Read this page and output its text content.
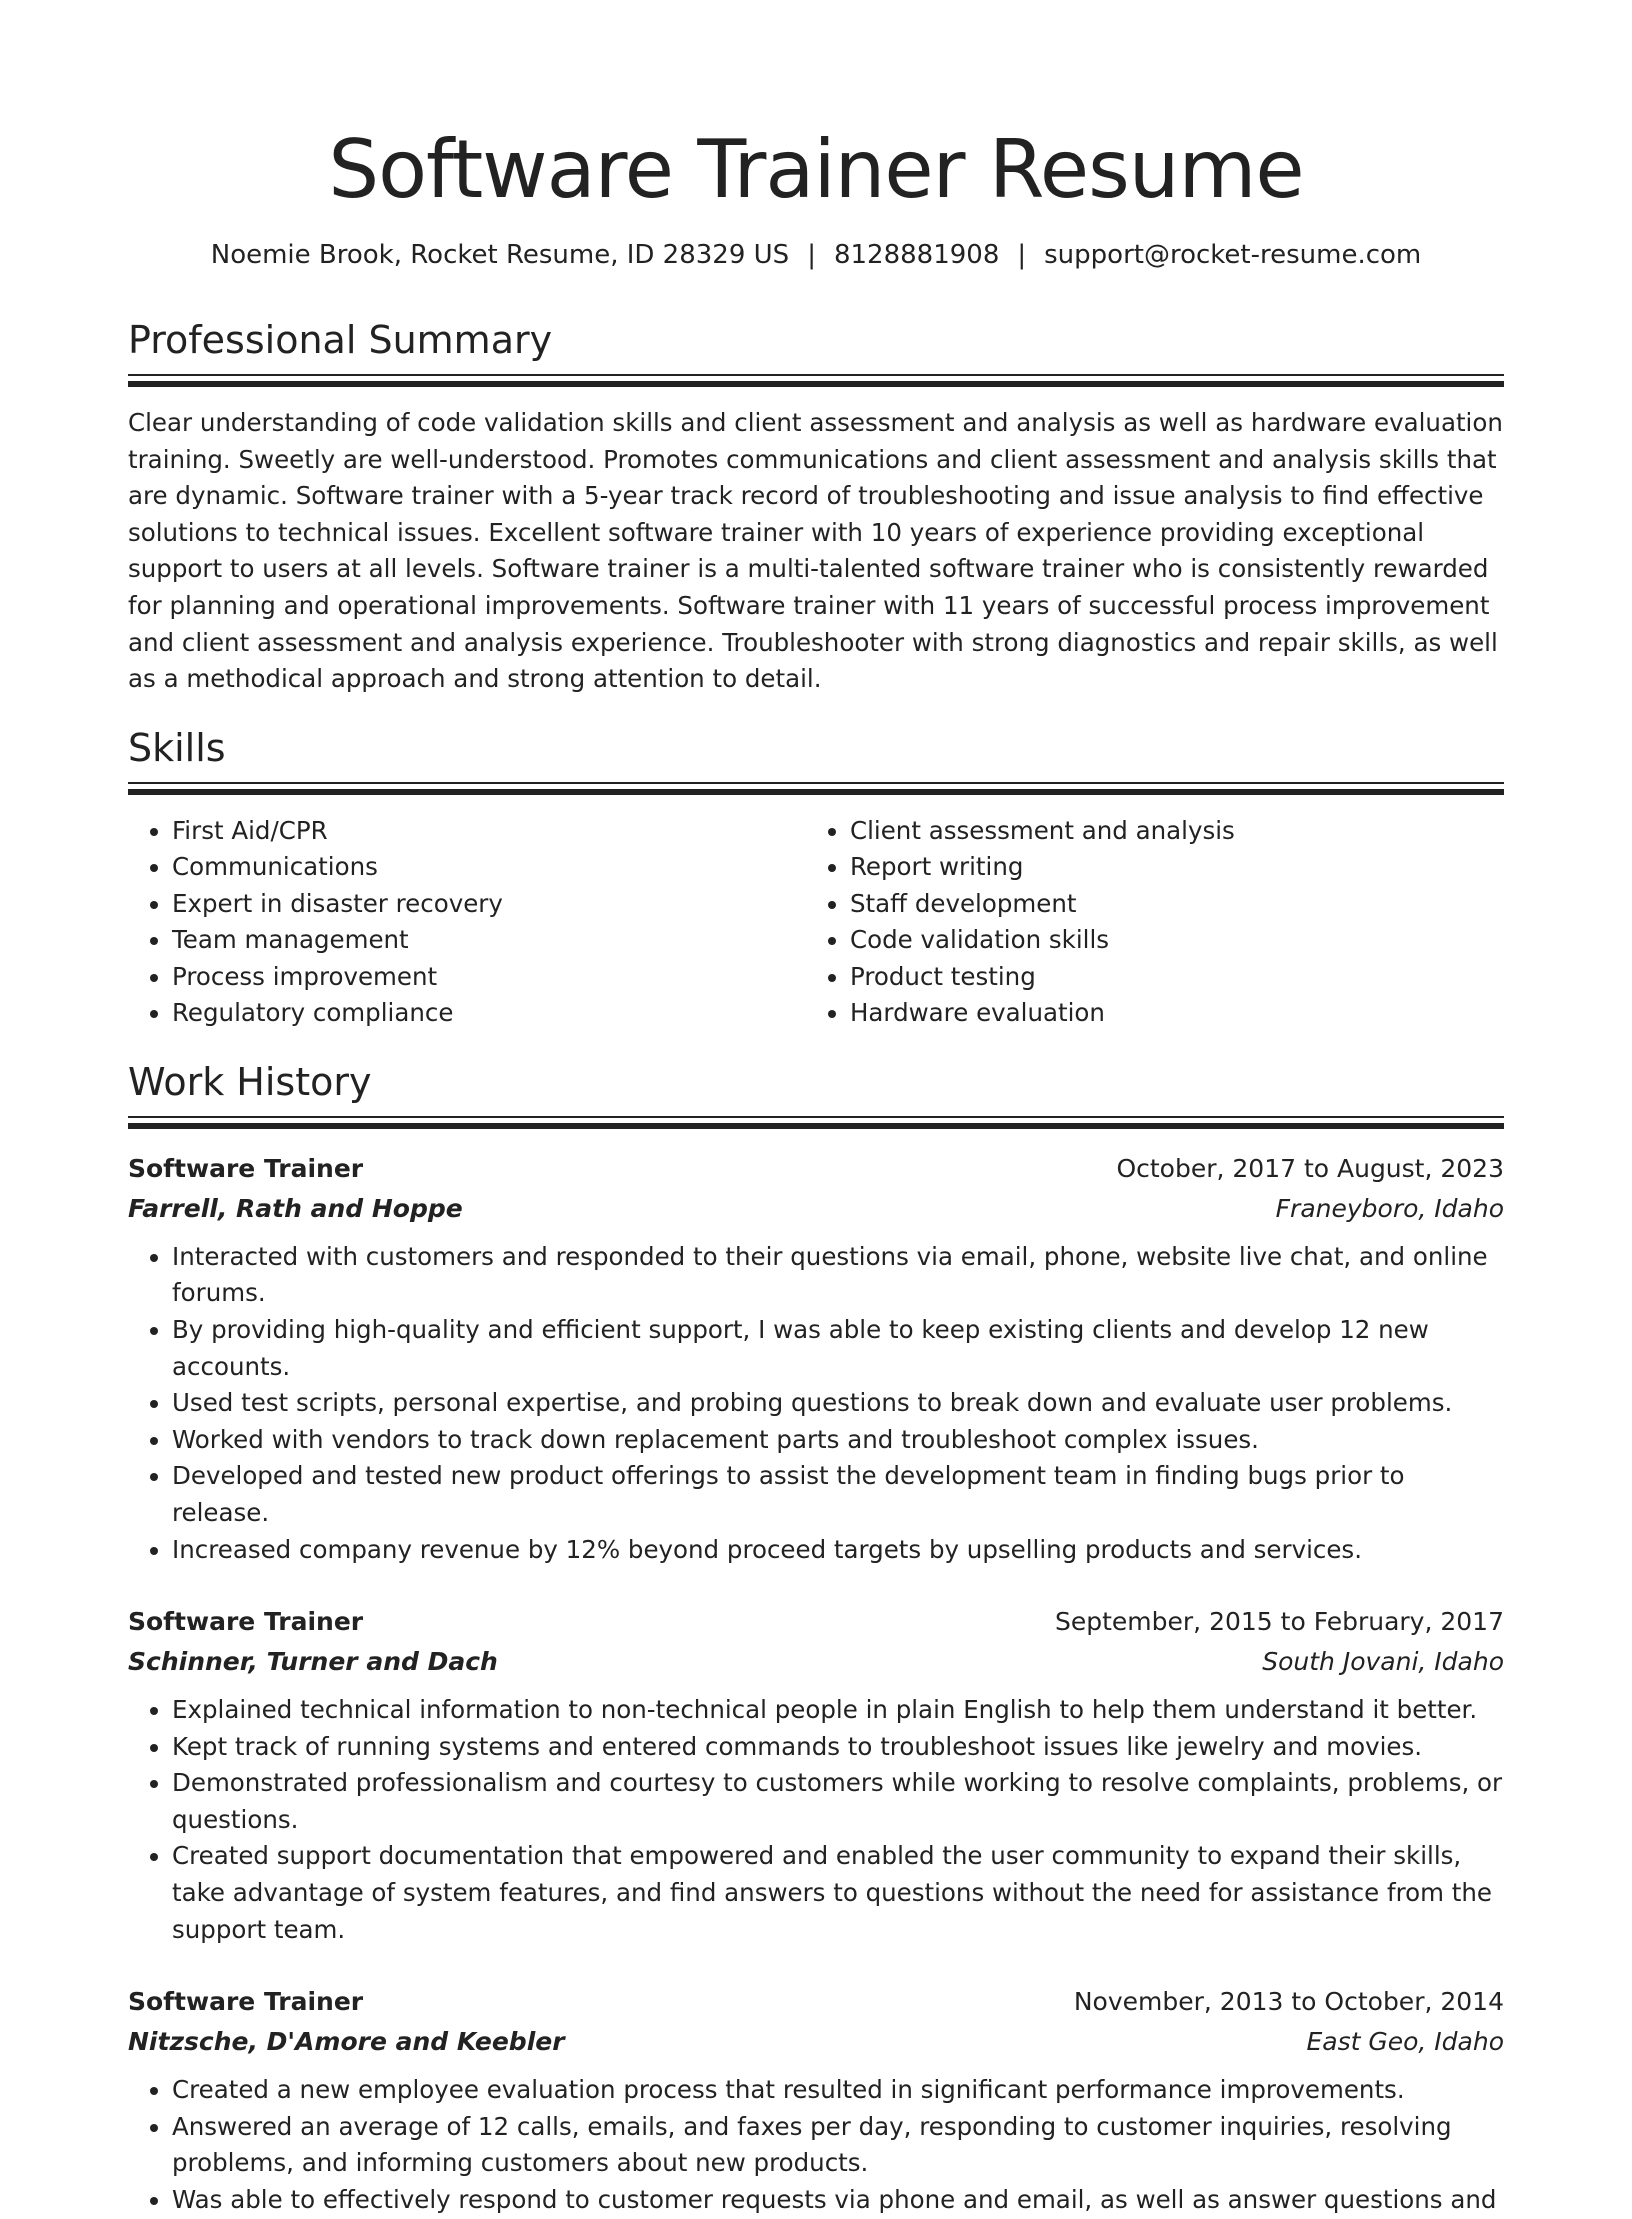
Software Trainer Resume
Noemie Brook, Rocket Resume, ID 28329 US | 8128881908 | support@rocket-resume.com
Professional Summary

Clear understanding of code validation skills and client assessment and analysis as well as hardware evaluation training. Sweetly are well-understood. Promotes communications and client assessment and analysis skills that are dynamic. Software trainer with a 5-year track record of troubleshooting and issue analysis to find effective solutions to technical issues. Excellent software trainer with 10 years of experience providing exceptional support to users at all levels. Software trainer is a multi-talented software trainer who is consistently rewarded for planning and operational improvements. Software trainer with 11 years of successful process improvement and client assessment and analysis experience. Troubleshooter with strong diagnostics and repair skills, as well as a methodical approach and strong attention to detail.

Skills
• First Aid/CPR
• Communications
• Expert in disaster recovery
• Team management
• Process improvement
• Regulatory compliance
• Client assessment and analysis
• Report writing
• Staff development
• Code validation skills
• Product testing
• Hardware evaluation
Work History
Software Trainer	October, 2017 to August, 2023
Farrell, Rath and Hoppe	Franeyboro, Idaho
• Interacted with customers and responded to their questions via email, phone, website live chat, and online forums.
• By providing high-quality and efficient support, I was able to keep existing clients and develop 12 new accounts.
• Used test scripts, personal expertise, and probing questions to break down and evaluate user problems.
• Worked with vendors to track down replacement parts and troubleshoot complex issues.
• Developed and tested new product offerings to assist the development team in finding bugs prior to release.
• Increased company revenue by 12% beyond proceed targets by upselling products and services.
Software Trainer	September, 2015 to February, 2017
Schinner, Turner and Dach	South Jovani, Idaho
• Explained technical information to non-technical people in plain English to help them understand it better.
• Kept track of running systems and entered commands to troubleshoot issues like jewelry and movies.
• Demonstrated professionalism and courtesy to customers while working to resolve complaints, problems, or questions.
• Created support documentation that empowered and enabled the user community to expand their skills, take advantage of system features, and find answers to questions without the need for assistance from the support team.
Software Trainer	November, 2013 to October, 2014
Nitzsche, D'Amore and Keebler	East Geo, Idaho
• Created a new employee evaluation process that resulted in significant performance improvements.
• Answered an average of 12 calls, emails, and faxes per day, responding to customer inquiries, resolving problems, and informing customers about new products.
• Was able to effectively respond to customer requests via phone and email, as well as answer questions and
